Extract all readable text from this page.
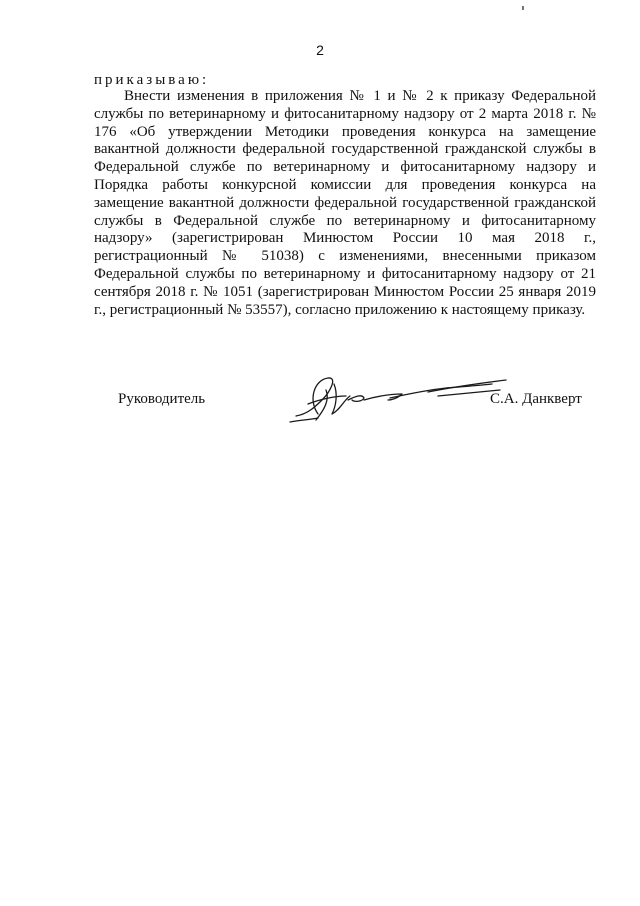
2
приказываю:

Внести изменения в приложения № 1 и № 2 к приказу Федеральной службы по ветеринарному и фитосанитарному надзору от 2 марта 2018 г. № 176 «Об утверждении Методики проведения конкурса на замещение вакантной должности федеральной государственной гражданской службы в Федеральной службе по ветеринарному и фитосанитарному надзору и Порядка работы конкурсной комиссии для проведения конкурса на замещение вакантной должности федеральной государственной гражданской службы в Федеральной службе по ветеринарному и фитосанитарному надзору» (зарегистрирован Минюстом России 10 мая 2018 г., регистрационный № 51038) с изменениями, внесенными приказом Федеральной службы по ветеринарному и фитосанитарному надзору от 21 сентября 2018 г. № 1051 (зарегистрирован Минюстом России 25 января 2019 г., регистрационный № 53557), согласно приложению к настоящему приказу.

Руководитель	С.А. Данкверт
